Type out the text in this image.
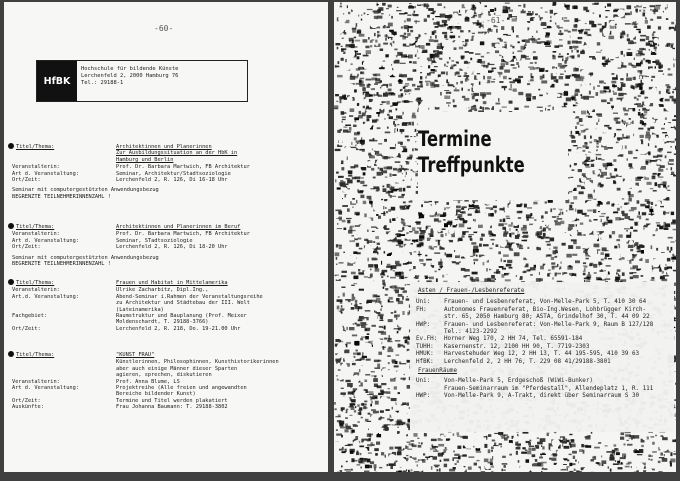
-60-
HfBK
Hochschule für bildende Künste
Lerchenfeld 2, 2000 Hamburg 76
Tel.: 29188-1
Titel/Thema:	Architektinnen und Planerinnen
Zur Ausbildungssituation an der HbK in
Hamburg und Berlin
Veranstalterin:	Prof. Dr. Barbara Martwich, FB Architektur
Art d. Veranstaltung:	Seminar, Architektur/Stadtsoziologie
Ort/Zeit:	Lerchenfeld 2, R. 126, Di 16-18 Uhr
Seminar mit computergestützten Anwendungsbezug
BEGRENZTE TEILNEHMERINNENZAHL !
Titel/Thema:	Architektinnen und Planerinnen im Beruf
Veranstalterin:	Prof. Dr. Barbara Martwich, FB Architektur
Art d. Veranstaltung:	Seminar, STadtsoziologie
Ort/Zeit:	Lerchenfeld 2, R. 126, Di 18-20 Uhr
Seminar mit computergestützten Anwendungsbezug
BEGRENZTE TEILNEHMERINNENZAHL !
Titel/Thema:	Frauen und Habitat in Mittelamerika
Veranstalterin:	Ulrike Zacharbitz, Dipl.Ing.,
Art.d. Veranstaltung:	Abend-Seminar i.Rahmen der Veranstaltungsreihe
zu Architektur und Städtebau der III. Welt
(Lateinamerika)
Fachgebiet:	Raumstruktur und Bauplanung (Prof. Meixer
Moldenschardt, T. 29188-3766)
Ort/Zeit:	Lerchenfeld 2, R. 218, Do. 19-21.00 Uhr
Titel/Thema:	"KUNST FRAU"
Künstlerinnen, Philosophinnen, Kunsthistorikerinnen
aber auch einige Männer dieser Sparten
agieren, sprechen, diskutieren
Veranstalterin:	Prof. Anna Blume, LS
Art d. Veranstaltung:	Projektreihe (Alle freien und angewandten
Bereiche bildender Kunst)
Ort/Zeit:	Termine und Titel werden plakatiert
Auskünfte:	Frau Johanna Baumann: T. 29188-3802
-61-
Termine
Treffpunkte
Asten / Frauen-/Lesbenreferate
Uni: Frauen- und Lesbenreferat, Von-Melle-Park 5, T. 410 30 64
FH:	Autonomes Frauenreferat, Bio-Ing.Wesen, Lohbrügger Kirch-
str. 65, 2050 Hamburg 80; ASTA, Grindelhof 30, T. 44 09 22
HWP: Frauen- und Lesbenreferat: Von-Melle-Park 9, Raum B 127/128
Tel.: 4123-2292
Ev.FH: Horner Weg 170, 2 HH 74, Tel. 65591-184
TUHH: Kasernenstr. 12, 2100 HH 90, T. 7719-2303
HMUK: Harvestehuder Weg 12, 2 HH 13, T. 44 195-595, 410 39 63
HfBK: Lerchenfeld 2, 2 HH 76, T. 229 08 41/29188-3801
FrauenRäume
Uni: Von-Melle-Park 5, Erdgeschoß (WiWi-Bunker)
Frauen-Seminarraum im "Pferdestall", Allendeplatz 1, R. 111
HWP: Von-Melle-Park 9, A-Trakt, direkt über Seminarraum S 30
